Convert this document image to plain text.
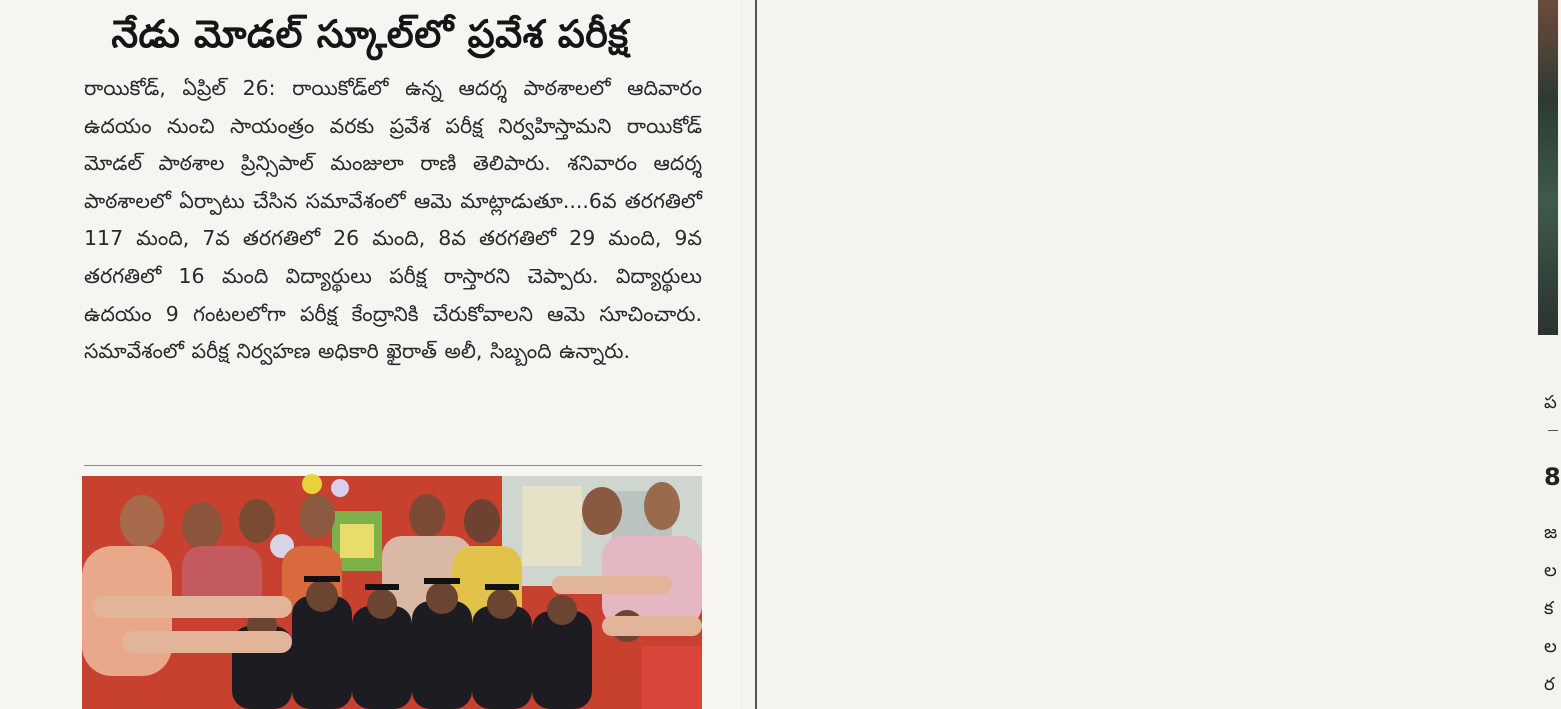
నేడు మోడల్ స్కూల్‌లో ప్రవేశ పరీక్ష
రాయికోడ్, ఏప్రిల్ 26: రాయికోడ్‌లో ఉన్న ఆదర్శ పాఠశాలలో ఆదివారం ఉదయం నుంచి సాయంత్రం వరకు ప్రవేశ పరీక్ష నిర్వహిస్తామని రాయికోడ్ మోడల్ పాఠశాల ప్రిన్సిపాల్ మంజులా రాణి తెలిపారు. శనివారం ఆదర్శ పాఠశాలలో ఏర్పాటు చేసిన సమావేశంలో ఆమె మాట్లాడుతూ....6వ తరగతిలో 117 మంది, 7వ తరగతిలో 26 మంది, 8వ తరగతిలో 29 మంది, 9వ తరగతిలో 16 మంది విద్యార్థులు పరీక్ష రాస్తారని చెప్పారు. విద్యార్థులు ఉదయం 9 గంటలలోగా పరీక్ష కేంద్రానికి చేరుకోవాలని ఆమె సూచించారు. సమావేశంలో పరీక్ష నిర్వహణ అధికారి ఖైరాత్ అలీ, సిబ్బంది ఉన్నారు.
ప
8
జ
ల
క
ల
ర
